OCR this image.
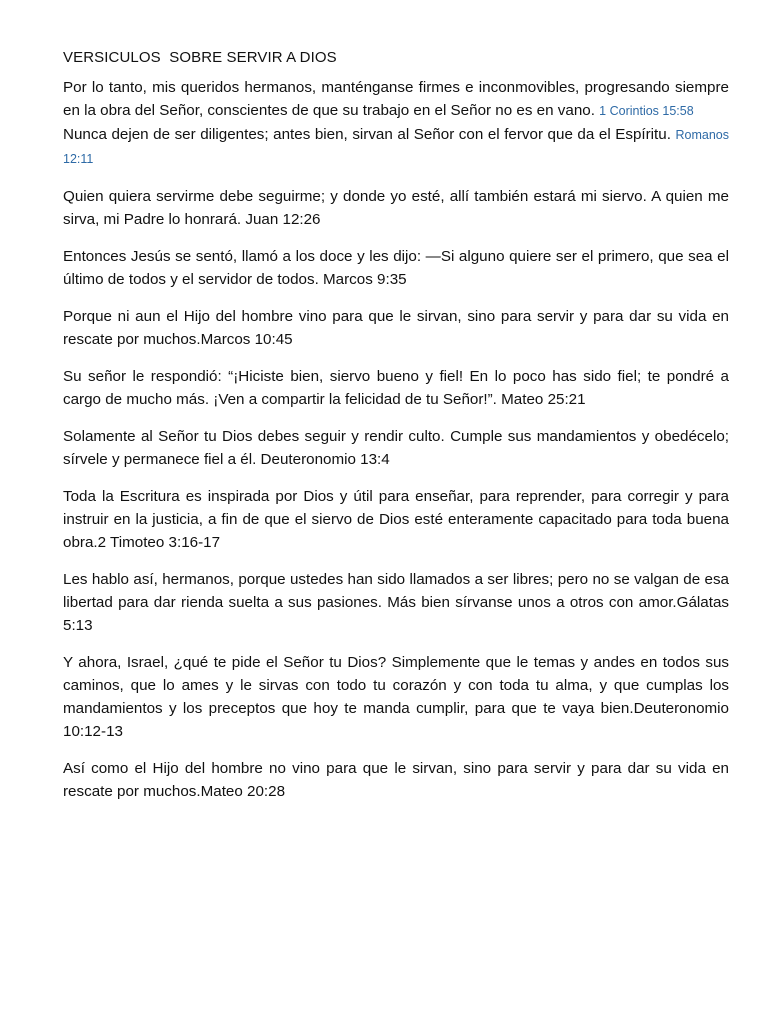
VERSICULOS  SOBRE SERVIR A DIOS

Por lo tanto, mis queridos hermanos, manténganse firmes e inconmovibles, progresando siempre en la obra del Señor, conscientes de que su trabajo en el Señor no es en vano. 1 Corintios 15:58

Nunca dejen de ser diligentes; antes bien, sirvan al Señor con el fervor que da el Espíritu. Romanos 12:11

Quien quiera servirme debe seguirme; y donde yo esté, allí también estará mi siervo. A quien me sirva, mi Padre lo honrará. Juan 12:26

Entonces Jesús se sentó, llamó a los doce y les dijo: —Si alguno quiere ser el primero, que sea el último de todos y el servidor de todos. Marcos 9:35

Porque ni aun el Hijo del hombre vino para que le sirvan, sino para servir y para dar su vida en rescate por muchos.Marcos 10:45

Su señor le respondió: “¡Hiciste bien, siervo bueno y fiel! En lo poco has sido fiel; te pondré a cargo de mucho más. ¡Ven a compartir la felicidad de tu Señor!”. Mateo 25:21

Solamente al Señor tu Dios debes seguir y rendir culto. Cumple sus mandamientos y obedécelo; sírvele y permanece fiel a él. Deuteronomio 13:4

Toda la Escritura es inspirada por Dios y útil para enseñar, para reprender, para corregir y para instruir en la justicia, a fin de que el siervo de Dios esté enteramente capacitado para toda buena obra.2 Timoteo 3:16-17

Les hablo así, hermanos, porque ustedes han sido llamados a ser libres; pero no se valgan de esa libertad para dar rienda suelta a sus pasiones. Más bien sírvanse unos a otros con amor.Gálatas 5:13

Y ahora, Israel, ¿qué te pide el Señor tu Dios? Simplemente que le temas y andes en todos sus caminos, que lo ames y le sirvas con todo tu corazón y con toda tu alma, y que cumplas los mandamientos y los preceptos que hoy te manda cumplir, para que te vaya bien.Deuteronomio 10:12-13

Así como el Hijo del hombre no vino para que le sirvan, sino para servir y para dar su vida en rescate por muchos.Mateo 20:28
